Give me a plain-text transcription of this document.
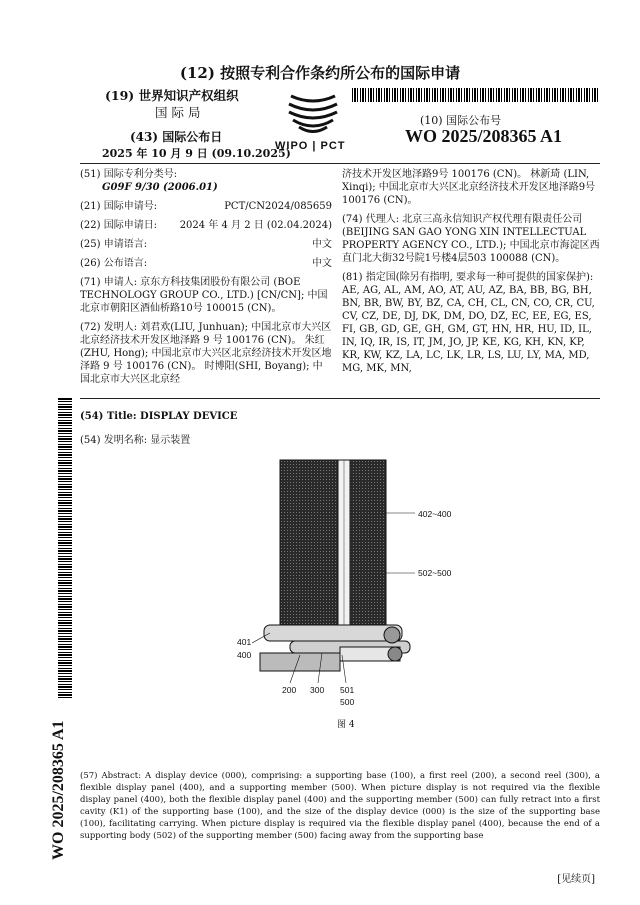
(12) 按照专利合作条约所公布的国际申请
(19) 世界知识产权组织
国 际 局
(43) 国际公布日
2025 年 10 月 9 日 (09.10.2025)
WIPO | PCT
(10) 国际公布号
WO 2025/208365 A1
(51) 国际专利分类号:
G09F 9/30 (2006.01)
(21) 国际申请号:	PCT/CN2024/085659
(22) 国际申请日: 2024 年 4 月 2 日 (02.04.2024)
(25) 申请语言:	中文
(26) 公布语言:	中文
(71) 申请人: 京东方科技集团股份有限公司 (BOE TECHNOLOGY GROUP CO., LTD.) [CN/CN]; 中国北京市朝阳区酒仙桥路10号 100015 (CN)。
(72) 发明人: 刘君欢(LIU, Junhuan); 中国北京市大兴区北京经济技术开发区地泽路 9 号 100176 (CN)。 朱红(ZHU, Hong); 中国北京市大兴区北京经济技术开发区地泽路 9 号 100176 (CN)。 时博阳(SHI, Boyang); 中国北京市大兴区北京经
济技术开发区地泽路9号 100176 (CN)。 林新琦 (LIN, Xinqi); 中国北京市大兴区北京经济技术开发区地泽路9号 100176 (CN)。
(74) 代理人: 北京三高永信知识产权代理有限责任公司 (BEIJING SAN GAO YONG XIN INTELLECTUAL PROPERTY AGENCY CO., LTD.); 中国北京市海淀区西直门北大街32号院1号楼4层503 100088 (CN)。
(81) 指定国(除另有指明, 要求每一种可提供的国家保护): AE, AG, AL, AM, AO, AT, AU, AZ, BA, BB, BG, BH, BN, BR, BW, BY, BZ, CA, CH, CL, CN, CO, CR, CU, CV, CZ, DE, DJ, DK, DM, DO, DZ, EC, EE, EG, ES, FI, GB, GD, GE, GH, GM, GT, HN, HR, HU, ID, IL, IN, IQ, IR, IS, IT, JM, JO, JP, KE, KG, KH, KN, KP, KR, KW, KZ, LA, LC, LK, LR, LS, LU, LY, MA, MD, MG, MK, MN,
WO 2025/208365 A1
(54) Title: DISPLAY DEVICE
(54) 发明名称: 显示装置
402~400
502~500
401
400
200 300 501
500
图 4
(57) Abstract: A display device (000), comprising: a supporting base (100), a first reel (200), a second reel (300), a flexible display panel (400), and a supporting member (500). When picture display is not required via the flexible display panel (400), both the flexible display panel (400) and the supporting member (500) can fully retract into a first cavity (K1) of the supporting base (100), and the size of the display device (000) is the size of the supporting base (100), facilitating carrying. When picture display is required via the flexible display panel (400), because the end of a supporting body (502) of the supporting member (500) facing away from the supporting base
[见续页]
